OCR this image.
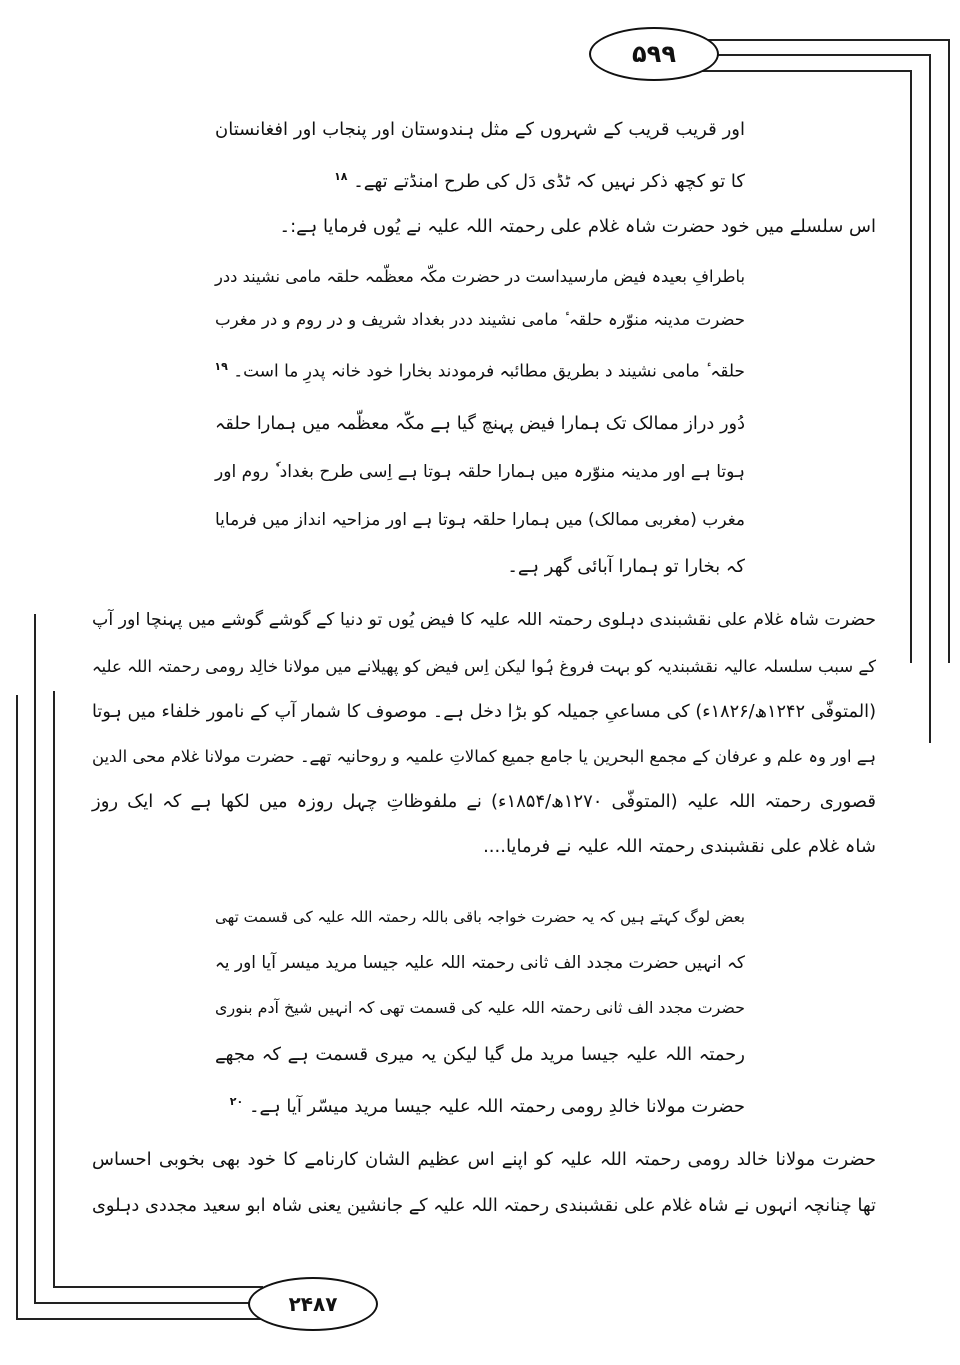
۵۹۹
۲۴۸۷
اور قریب قریب کے شہروں کے مثل ہندوستان اور پنجاب اور افغانستان
کا تو کچھ ذکر نہیں کہ ٹڈی دَل کی طرح امنڈتے تھے۔ $^{۱۸}$
اس سلسلے میں خود حضرت شاہ غلام علی رحمتہ اللہ علیہ نے یُوں فرمایا ہے:۔
باطرافِ بعیدہ فیض مارسیداست در حضرت مکّہ معظّمہ حلقہ مامی نشیند ددر
حضرت مدینہ منوّرہ حلقہ ٔ مامی نشیند ددر بغداد شریف و در روم و در مغرب
حلقہ ٔ مامی نشیند د بطریق مطائبہ فرمودند بخارا خود خانہ پدرِ ما است۔ $^{۱۹}$
دُور دراز ممالک تک ہمارا فیض پہنچ گیا ہے مکّہ معظّمہ میں ہمارا حلقہ
ہوتا ہے اور مدینہ منوّرہ میں ہمارا حلقہ ہوتا ہے اِسی طرح بغداد ٗ روم اور
مغرب (مغربی ممالک) میں ہمارا حلقہ ہوتا ہے اور مزاحیہ انداز میں فرمایا
کہ بخارا تو ہمارا آبائی گھر ہے۔
حضرت شاہ غلام علی نقشبندی دہلوی رحمتہ اللہ علیہ کا فیض یُوں تو دنیا کے گوشے گوشے میں پہنچا اور آپ
کے سبب سلسلہ عالیہ نقشبندیہ کو بہت فروغ ہُوا لیکن اِس فیض کو پھیلانے میں مولانا خالِد رومی رحمتہ اللہ علیہ
(المتوفّی ۱۲۴۲ھ/۱۸۲۶ء) کی مساعیِ جمیلہ کو بڑا دخل ہے۔ موصوف کا شمار آپ کے نامور خلفاء میں ہوتا
ہے اور وہ علم و عرفان کے مجمع البحرین یا جامع جمیع کمالاتِ علمیہ و روحانیہ تھے۔ حضرت مولانا غلام محی الدین
قصوری رحمتہ اللہ علیہ (المتوفّی ۱۲۷۰ھ/۱۸۵۴ء) نے ملفوظاتِ چہل روزہ میں لکھا ہے کہ ایک روز
شاہ غلام علی نقشبندی رحمتہ اللہ علیہ نے فرمایا....
بعض لوگ کہتے ہیں کہ یہ حضرت خواجہ باقی باللہ رحمتہ اللہ علیہ کی قسمت تھی
کہ انہیں حضرت مجدد الف ثانی رحمتہ اللہ علیہ جیسا مرید میسر آیا اور یہ
حضرت مجدد الف ثانی رحمتہ اللہ علیہ کی قسمت تھی کہ انہیں شیخ آدم بنوری
رحمتہ اللہ علیہ جیسا مرید مل گیا لیکن یہ میری قسمت ہے کہ مجھے
حضرت مولانا خالدِ رومی رحمتہ اللہ علیہ جیسا مرید میسّر آیا ہے۔ $^{۲۰}$
حضرت مولانا خالد رومی رحمتہ اللہ علیہ کو اپنے اس عظیم الشان کارنامے کا خود بھی بخوبی احساس
تھا چنانچہ انہوں نے شاہ غلام علی نقشبندی رحمتہ اللہ علیہ کے جانشین یعنی شاہ ابو سعید مجددی دہلوی
